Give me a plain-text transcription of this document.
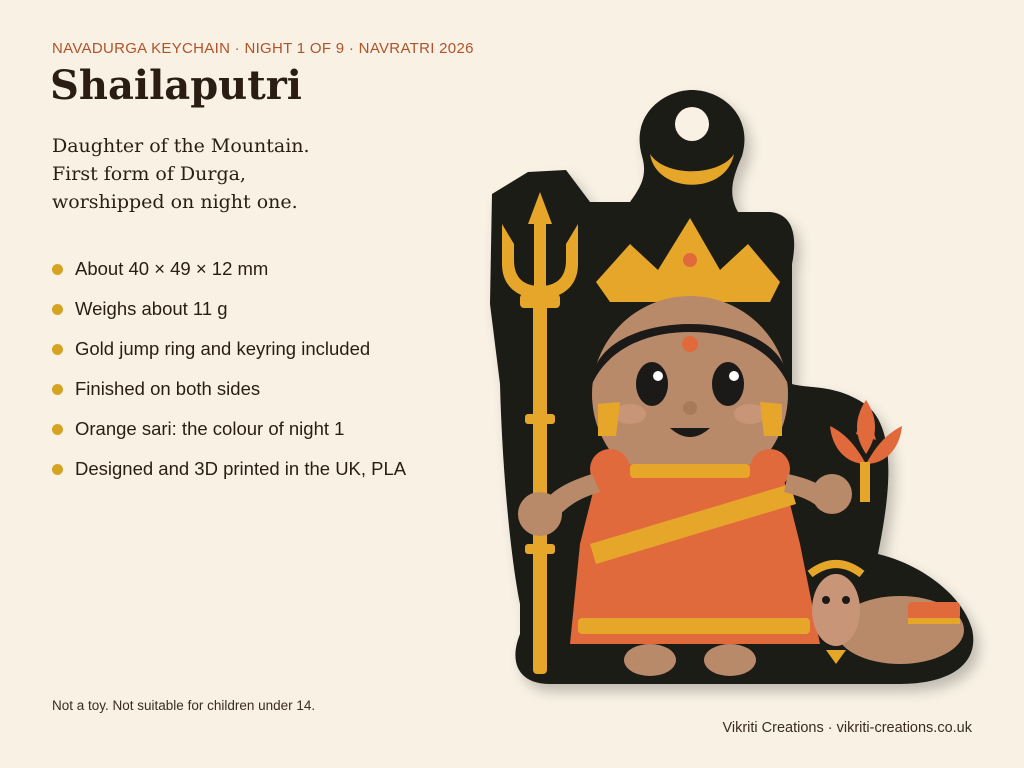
NAVADURGA KEYCHAIN · NIGHT 1 OF 9 · NAVRATRI 2026
Shailaputri
Daughter of the Mountain.
First form of Durga,
worshipped on night one.
About 40 × 49 × 12 mm
Weighs about 11 g
Gold jump ring and keyring included
Finished on both sides
Orange sari: the colour of night 1
Designed and 3D printed in the UK, PLA
Not a toy. Not suitable for children under 14.
Vikriti Creations · vikriti-creations.co.uk
